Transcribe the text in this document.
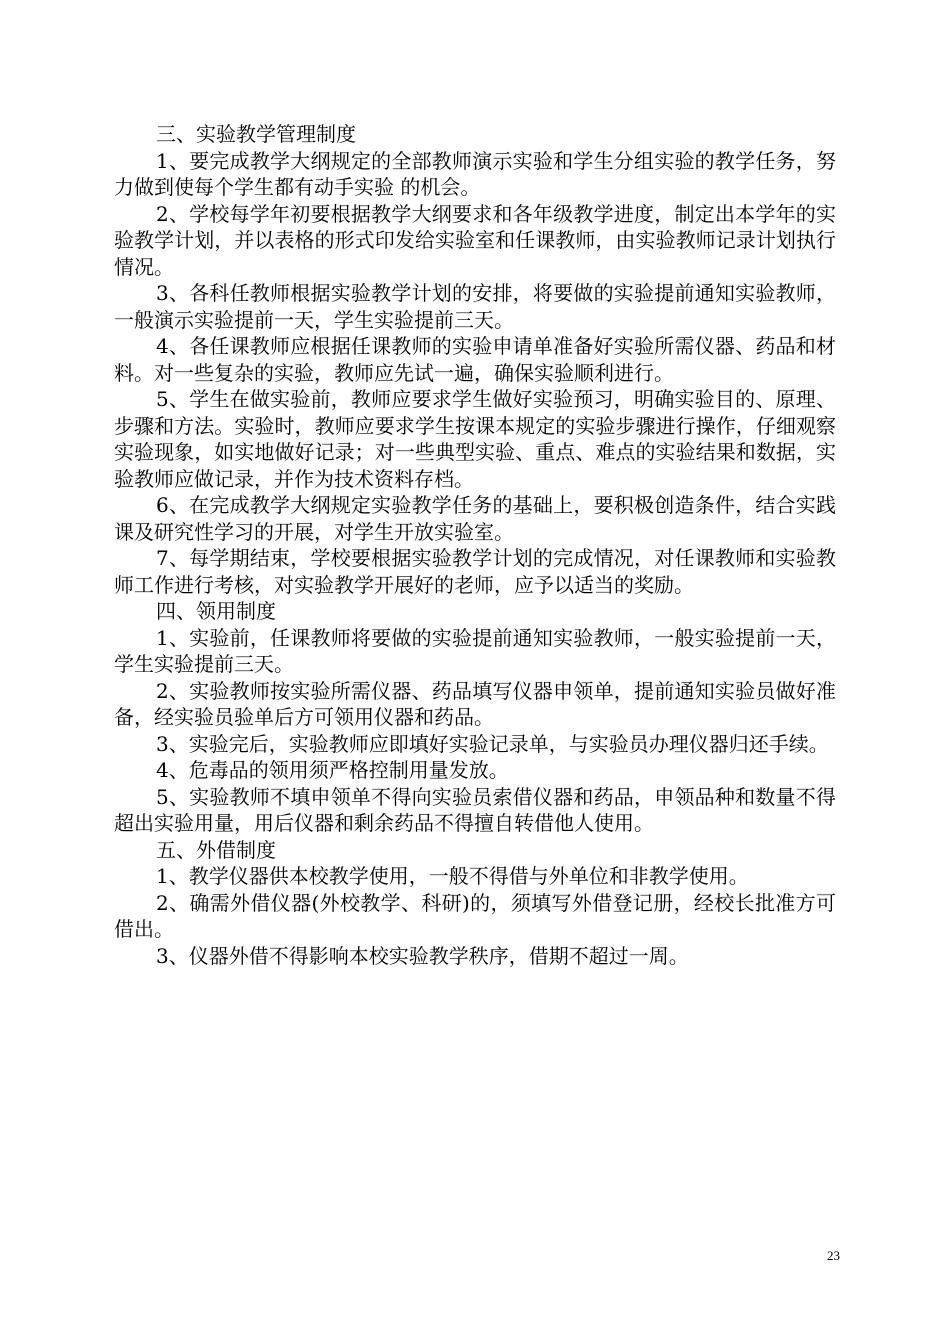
三、实验教学管理制度

1、要完成教学大纲规定的全部教师演示实验和学生分组实验的教学任务，努力做到使每个学生都有动手实验 的机会。

2、学校每学年初要根据教学大纲要求和各年级教学进度，制定出本学年的实验教学计划，并以表格的形式印发给实验室和任课教师，由实验教师记录计划执行情况。

3、各科任教师根据实验教学计划的安排，将要做的实验提前通知实验教师，一般演示实验提前一天，学生实验提前三天。

4、各任课教师应根据任课教师的实验申请单准备好实验所需仪器、药品和材料。对一些复杂的实验，教师应先试一遍，确保实验顺利进行。

5、学生在做实验前，教师应要求学生做好实验预习，明确实验目的、原理、步骤和方法。实验时，教师应要求学生按课本规定的实验步骤进行操作，仔细观察实验现象，如实地做好记录；对一些典型实验、重点、难点的实验结果和数据，实验教师应做记录，并作为技术资料存档。

6、在完成教学大纲规定实验教学任务的基础上，要积极创造条件，结合实践课及研究性学习的开展，对学生开放实验室。

7、每学期结束，学校要根据实验教学计划的完成情况，对任课教师和实验教师工作进行考核，对实验教学开展好的老师，应予以适当的奖励。

四、领用制度

1、实验前，任课教师将要做的实验提前通知实验教师，一般实验提前一天，学生实验提前三天。

2、实验教师按实验所需仪器、药品填写仪器申领单，提前通知实验员做好准备，经实验员验单后方可领用仪器和药品。

3、实验完后，实验教师应即填好实验记录单，与实验员办理仪器归还手续。

4、危毒品的领用须严格控制用量发放。

5、实验教师不填申领单不得向实验员索借仪器和药品，申领品种和数量不得超出实验用量，用后仪器和剩余药品不得擅自转借他人使用。

五、外借制度

1、教学仪器供本校教学使用，一般不得借与外单位和非教学使用。

2、确需外借仪器(外校教学、科研)的，须填写外借登记册，经校长批准方可借出。

3、仪器外借不得影响本校实验教学秩序，借期不超过一周。

23
